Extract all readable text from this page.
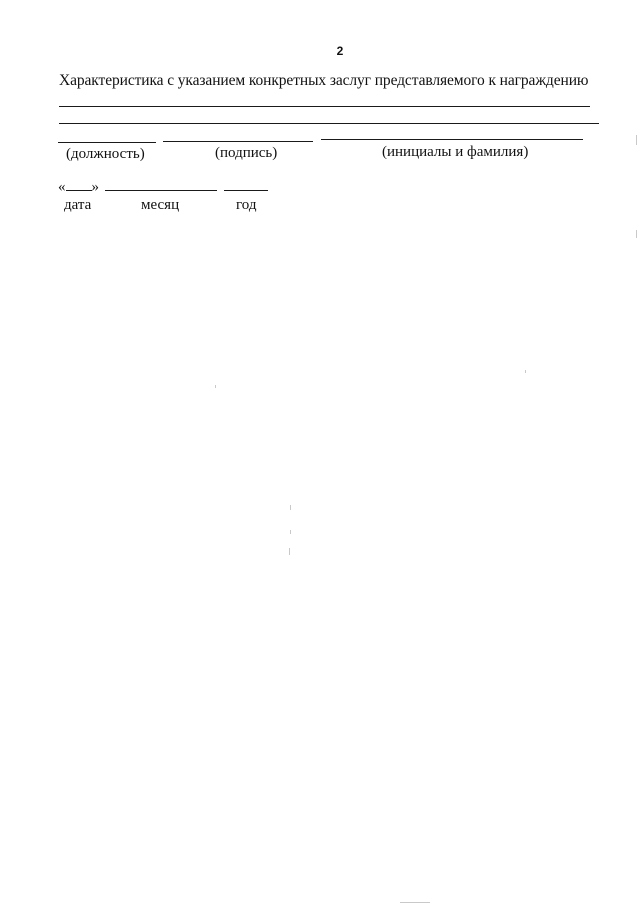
2
Характеристика с указанием конкретных заслуг представляемого к награждению
(должность)	(подпись)	(инициалы и фамилия)
« »
дата	месяц	год
